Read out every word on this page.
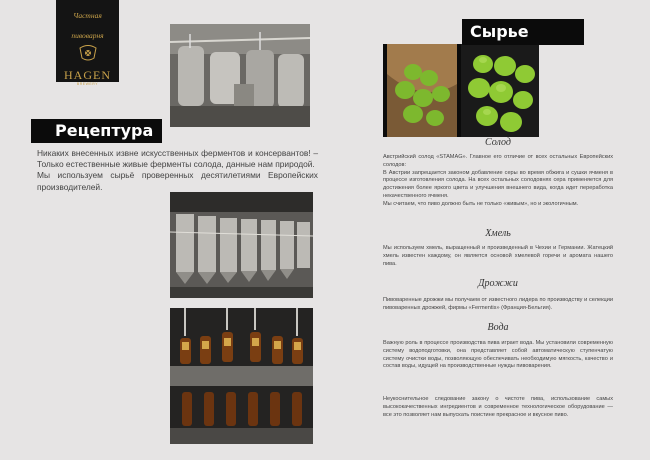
Частная
пивоварня
HAGEN
BREWERY
Рецептура

Никаких внесенных извне искусственных ферментов и консервантов! – Только естественные живые ферменты солода, данные нам природой.

Мы используем сырьё проверенных десятилетиями Европейских производителей.

Сырье
Солод

Австрийский солод «STAMAG». Главное его отличие от всех остальных Европейских солодов:

В Австрии запрещается законом добавление серы во время обжига и сушки ячменя в процессе изготовления солода. На всех остальных солодовнях сера применяется для достижения более яркого цвета и улучшения внешнего вида, когда идет переработка некачественного ячменя.

Мы считаем, что пиво должно быть не только «живым», но и экологичным.

Хмель

Мы используем хмель, выращенный и произведенный в Чехии и Германии. Жатецкий хмель известен каждому, он является основой хмелевой горечи и аромата нашего пива.

Дрожжи

Пивоваренные дрожжи мы получаем от известного лидера по производству и селекции пивоваренных дрожжей, фирмы «Fermentis» (Франция-Бельгия).

Вода

Важную роль в процессе производства пива играет вода. Мы установили современную систему водоподготовки, она представляет собой автоматическую ступенчатую систему очистки воды, позволяющую обеспечивать необходимую мягкость, качество и состав воды, идущей на производственные нужды пивоварения.

Неукоснительное следование закону о чистоте пива, использование самых высококачественных ингредиентов и современное технологическое оборудование — все это позволяет нам выпускать поистине прекрасное и вкусное пиво.
